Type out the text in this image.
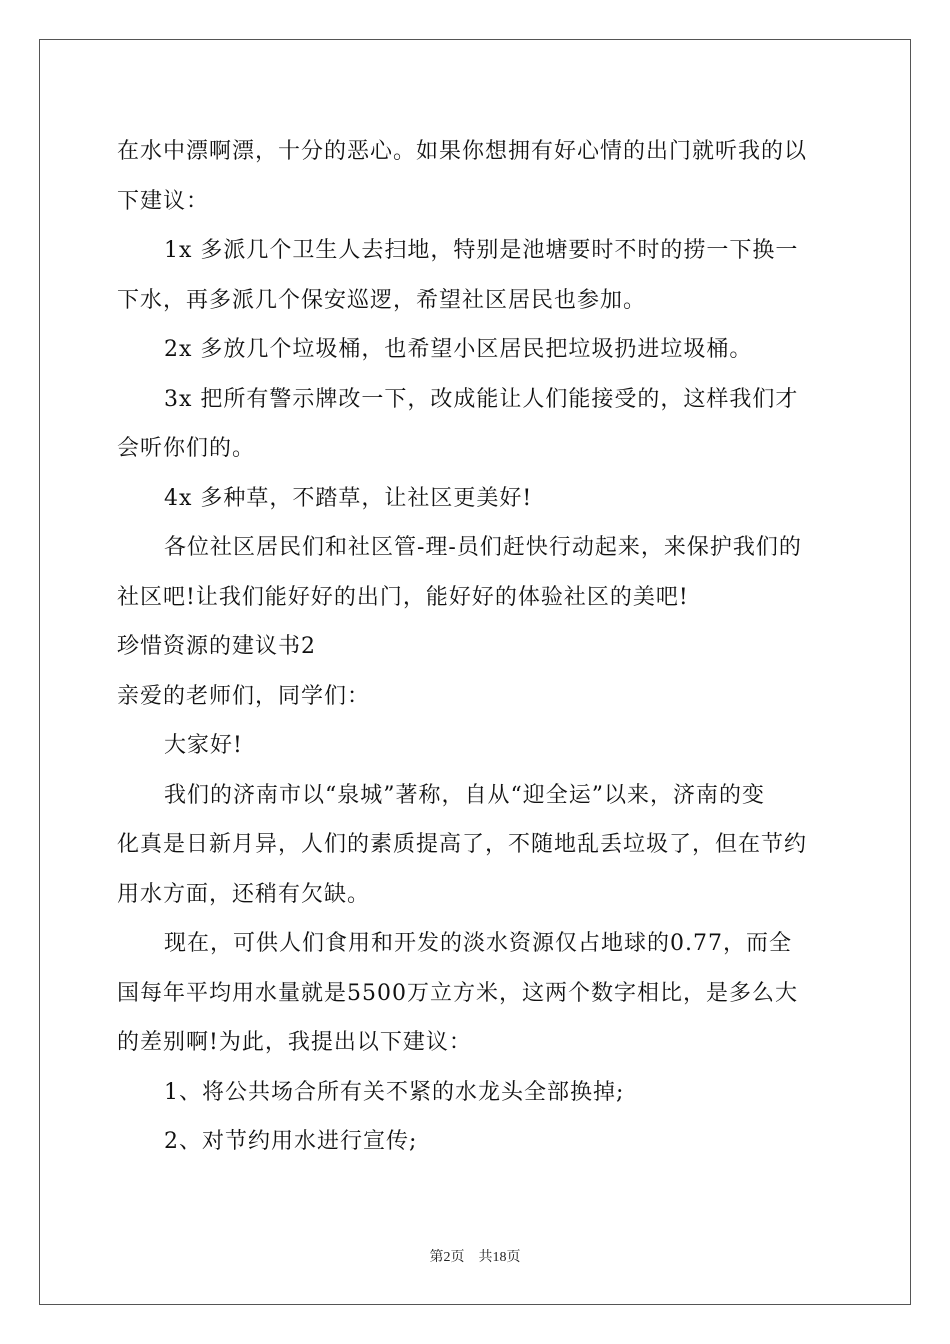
在水中漂啊漂，十分的恶心。如果你想拥有好心情的出门就听我的以
下建议：
1x 多派几个卫生人去扫地，特别是池塘要时不时的捞一下换一
下水，再多派几个保安巡逻，希望社区居民也参加。
2x 多放几个垃圾桶，也希望小区居民把垃圾扔进垃圾桶。
3x 把所有警示牌改一下，改成能让人们能接受的，这样我们才
会听你们的。
4x 多种草，不踏草，让社区更美好!
各位社区居民们和社区管-理-员们赶快行动起来，来保护我们的
社区吧!让我们能好好的出门，能好好的体验社区的美吧!
珍惜资源的建议书2
亲爱的老师们，同学们：
大家好!
我们的济南市以“泉城”著称，自从“迎全运”以来，济南的变
化真是日新月异，人们的素质提高了，不随地乱丢垃圾了，但在节约
用水方面，还稍有欠缺。
现在，可供人们食用和开发的淡水资源仅占地球的0.77，而全
国每年平均用水量就是5500万立方米，这两个数字相比，是多么大
的差别啊!为此，我提出以下建议：
1、将公共场合所有关不紧的水龙头全部换掉;
2、对节约用水进行宣传;
第2页　共18页
